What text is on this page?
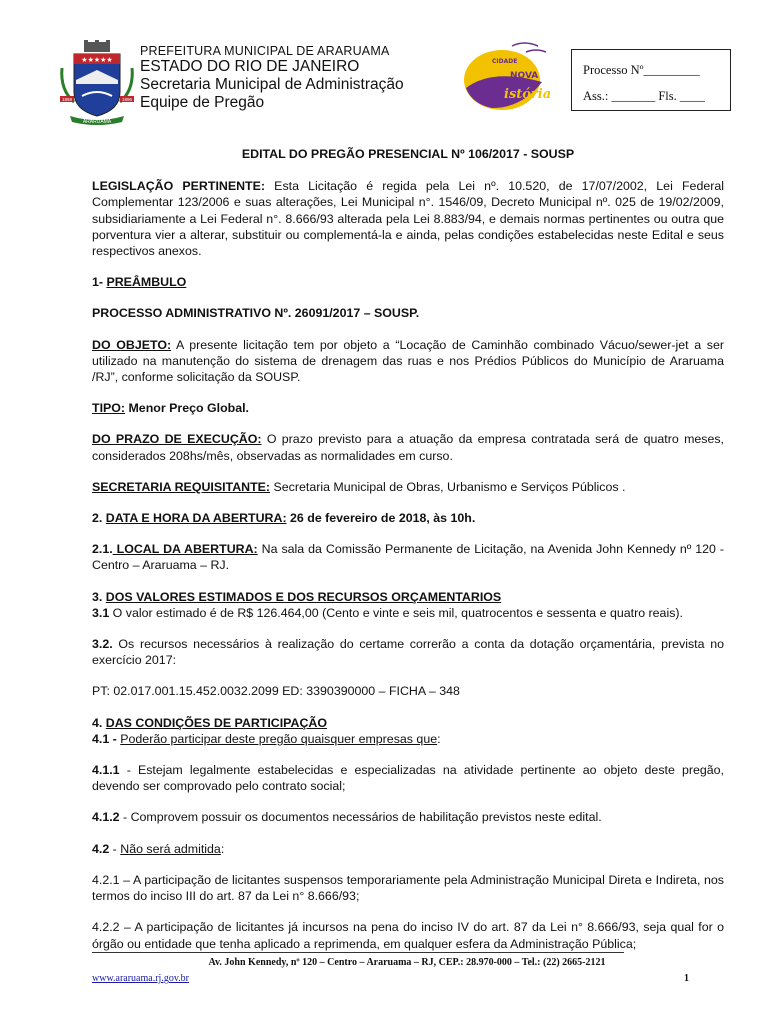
★★★★★
1859	1896
ARARUAMA
PREFEITURA MUNICIPAL DE ARARUAMA
ESTADO DO RIO DE JANEIRO
Secretaria Municipal de Administração
Equipe de Pregão
CIDADE
NOVA
istória
Processo Nº_________
Ass.: _______ Fls. ____

EDITAL DO PREGÃO PRESENCIAL Nº 106/2017 - SOUSP

LEGISLAÇÃO PERTINENTE: Esta Licitação é regida pela Lei nº. 10.520, de 17/07/2002, Lei Federal Complementar 123/2006 e suas alterações, Lei Municipal n°. 1546/09, Decreto Municipal nº. 025 de 19/02/2009, subsidiariamente a Lei Federal n°. 8.666/93 alterada pela Lei 8.883/94, e demais normas pertinentes ou outra que porventura vier a alterar, substituir ou complementá-la e ainda, pelas condições estabelecidas neste Edital e seus respectivos anexos.

1- PREÂMBULO

PROCESSO ADMINISTRATIVO Nº. 26091/2017 – SOUSP.

DO OBJETO: A presente licitação tem por objeto a “Locação de Caminhão combinado Vácuo/sewer-jet a ser utilizado na manutenção do sistema de drenagem das ruas e nos Prédios Públicos do Município de Araruama /RJ”, conforme solicitação da SOUSP.

TIPO: Menor Preço Global.

DO PRAZO DE EXECUÇÃO: O prazo previsto para a atuação da empresa contratada será de quatro meses, considerados 208hs/mês, observadas as normalidades em curso.

SECRETARIA REQUISITANTE: Secretaria Municipal de Obras, Urbanismo e Serviços Públicos .

2. DATA E HORA DA ABERTURA: 26 de fevereiro de 2018, às 10h.

2.1. LOCAL DA ABERTURA: Na sala da Comissão Permanente de Licitação, na Avenida John Kennedy nº 120 - Centro – Araruama – RJ.

3. DOS VALORES ESTIMADOS E DOS RECURSOS ORÇAMENTARIOS

3.1 O valor estimado é de R$ 126.464,00 (Cento e vinte e seis mil, quatrocentos e sessenta e quatro reais).

3.2. Os recursos necessários à realização do certame correrão a conta da dotação orçamentária, prevista no exercício 2017:

PT: 02.017.001.15.452.0032.2099 ED: 3390390000 – FICHA – 348

4. DAS CONDIÇÕES DE PARTICIPAÇÃO

4.1 - Poderão participar deste pregão quaisquer empresas que:

4.1.1 - Estejam legalmente estabelecidas e especializadas na atividade pertinente ao objeto deste pregão, devendo ser comprovado pelo contrato social;

4.1.2 - Comprovem possuir os documentos necessários de habilitação previstos neste edital.

4.2 - Não será admitida:

4.2.1 – A participação de licitantes suspensos temporariamente pela Administração Municipal Direta e Indireta, nos termos do inciso III do art. 87 da Lei n° 8.666/93;

4.2.2 – A participação de licitantes já incursos na pena do inciso IV do art. 87 da Lei n° 8.666/93, seja qual for o órgão ou entidade que tenha aplicado a reprimenda, em qualquer esfera da Administração Pública;

Av. John Kennedy, nº 120 – Centro – Araruama – RJ, CEP.: 28.970-000 – Tel.: (22) 2665-2121
www.araruama.rj.gov.br	1
